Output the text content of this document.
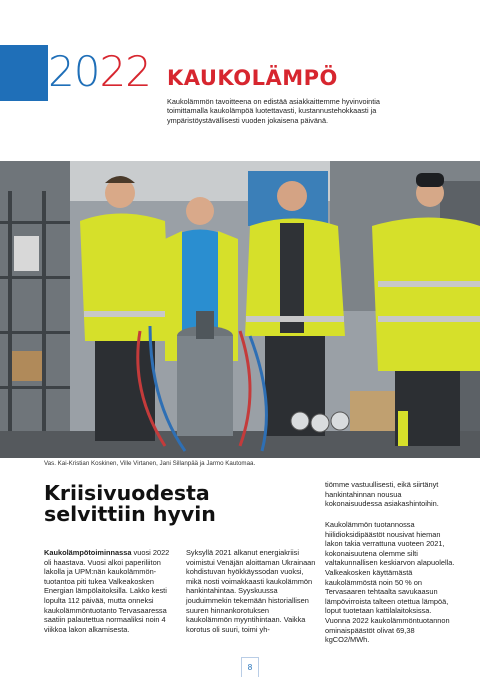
2022 KAUKOLÄMPÖ
Kaukolämmön tavoitteena on edistää asiakkaittemme hyvinvointia toimittamalla kaukolämpöä luotettavasti, kustannustehokkaasti ja ympäristöystävällisesti vuoden jokaisena päivänä.
Vas. Kai-Kristian Koskinen, Ville Virtanen, Jani Sillanpää ja Jarmo Kautomaa.
Kriisivuodesta selvittiin hyvin

Kaukolämpötoiminnassa vuosi 2022 oli haastava. Vuosi alkoi paperiliiton lakolla ja UPM:nän kaukolämmön-tuotantoa piti tukea Valkeakosken Energian lämpölaitoksilla. Lakko kesti lopulta 112 päivää, mutta onneksi kaukolämmöntuotanto Tervasaaressa saatiin palautettua normaaliksi noin 4 viikkoa lakon alkamisesta.

Syksyllä 2021 alkanut energiakriisi voimistui Venäjän aloittaman Ukrainaan kohdistuvan hyökkäyssodan vuoksi, mikä nosti voimakkaasti kaukolämmön hankintahintaa. Syyskuussa jouduimmekin tekemään historiallisen suuren hinnankorotuksen kaukolämmön myyntihintaan. Vaikka korotus oli suuri, toimi yh-

tiömme vastuullisesti, eikä siirtänyt hankintahinnan nousua kokonaisuudessa asiakashintoihin.

Kaukolämmön tuotannossa hiilidioksidipäästöt nousivat hieman lakon takia verrattuna vuoteen 2021, kokonaisuutena olemme silti valtakunnallisen keskiarvon alapuolella. Valkeakosken käyttämästä kaukolämmöstä noin 50 % on Tervasaaren tehtaalta savukaasun lämpövirroista talteen otettua lämpöä, loput tuotetaan kattilalaitoksissa. Vuonna 2022 kaukolämmöntuotannon ominaispäästöt olivat 69,38 kgCO2/MWh.

8
